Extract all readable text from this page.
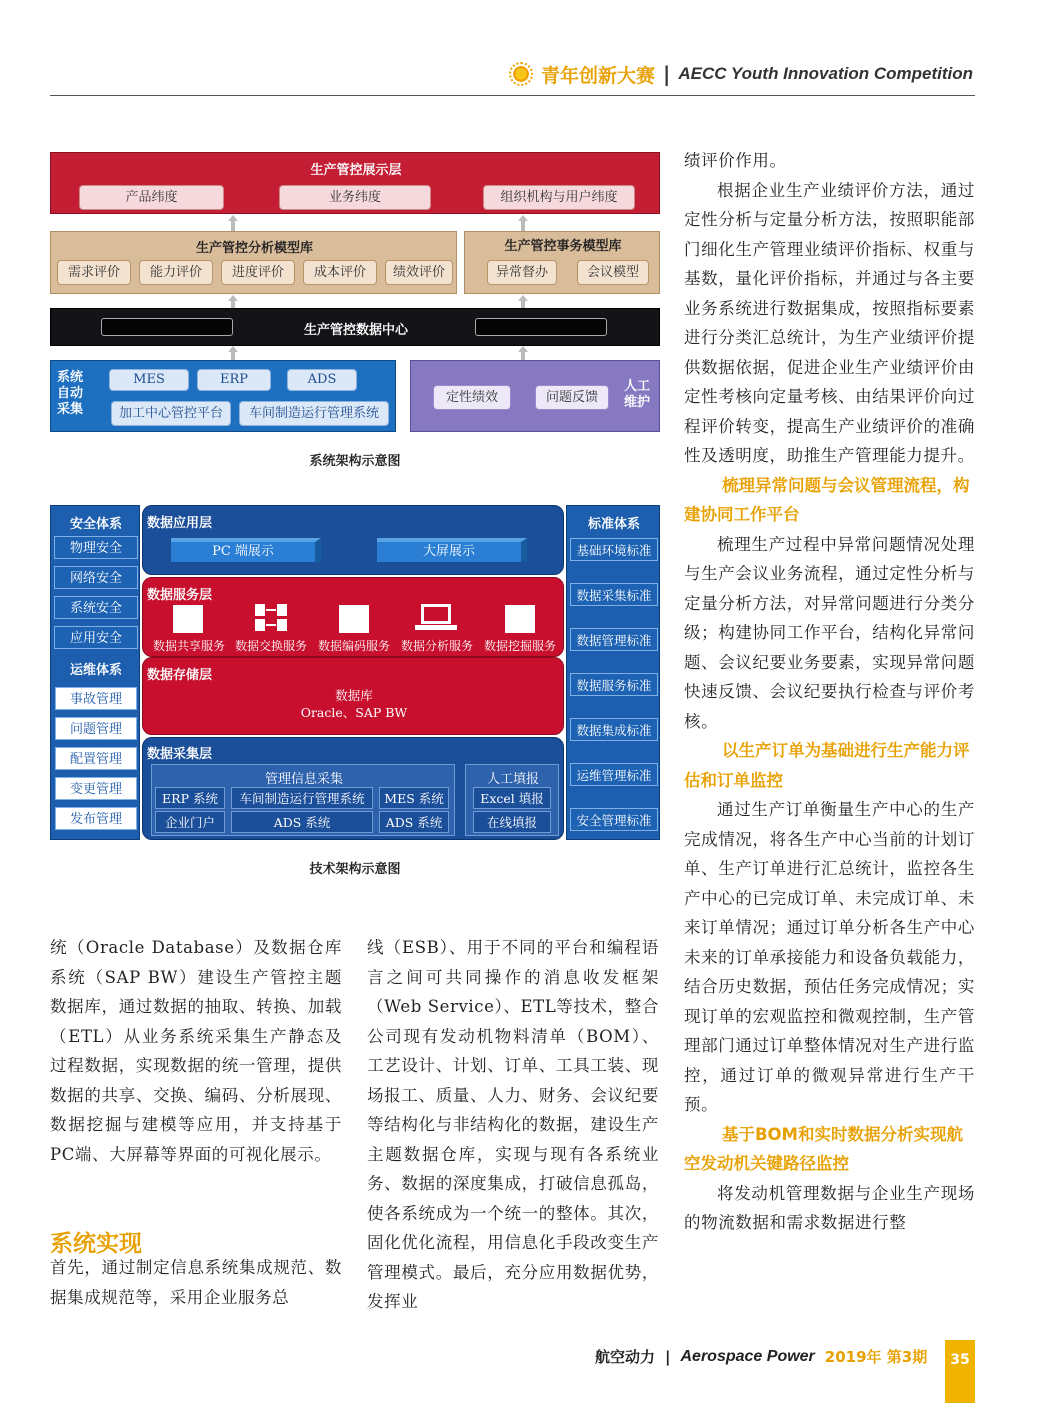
青年创新大赛 | AECC Youth Innovation Competition
生产管控展示层
产品纬度	业务纬度	组织机构与用户纬度
生产管控分析模型库
需求评价	能力评价	进度评价	成本评价	绩效评价
生产管控事务模型库
异常督办	会议模型
生产管控数据中心
系统
自动
采集
MES	ERP	ADS
加工中心管控平台	车间制造运行管理系统
定性绩效	问题反馈
人工
维护
系统架构示意图
安全体系
物理安全
网络安全
系统安全
应用安全
运维体系
事故管理
问题管理
配置管理
变更管理
发布管理
标准体系
基础环境标准
数据采集标准
数据管理标准
数据服务标准
数据集成标准
运维管理标准
安全管理标准
数据应用层
PC 端展示	大屏展示
数据服务层
数据共享服务 数据交换服务 数据编码服务 数据分析服务 数据挖掘服务
数据存储层
数据库
Oracle、SAP BW
数据采集层
管理信息采集	人工填报
ERP 系统	车间制造运行管理系统	MES 系统
企业门户	ADS 系统	ADS 系统
Excel 填报
在线填报
技术架构示意图
统（Oracle Database）及数据仓库系统（SAP BW）建设生产管控主题数据库，通过数据的抽取、转换、加载（ETL）从业务系统采集生产静态及过程数据，实现数据的统一管理，提供数据的共享、交换、编码、分析展现、数据挖掘与建模等应用，并支持基于PC端、大屏幕等界面的可视化展示。
系统实现
首先，通过制定信息系统集成规范、数据集成规范等，采用企业服务总
线（ESB）、用于不同的平台和编程语言之间可共同操作的消息收发框架（Web Service）、ETL等技术，整合公司现有发动机物料清单（BOM）、工艺设计、计划、订单、工具工装、现场报工、质量、人力、财务、会议纪要等结构化与非结构化的数据，建设生产主题数据仓库，实现与现有各系统业务、数据的深度集成，打破信息孤岛，使各系统成为一个统一的整体。其次，固化优化流程，用信息化手段改变生产管理模式。最后，充分应用数据优势，发挥业
绩评价作用。
根据企业生产业绩评价方法，通过定性分析与定量分析方法，按照职能部门细化生产管理业绩评价指标、权重与基数，量化评价指标，并通过与各主要业务系统进行数据集成，按照指标要素进行分类汇总统计，为生产业绩评价提供数据依据，促进企业生产业绩评价由定性考核向定量考核、由结果评价向过程评价转变，提高生产业绩评价的准确性及透明度，助推生产管理能力提升。
梳理异常问题与会议管理流程，构建协同工作平台
梳理生产过程中异常问题情况处理与生产会议业务流程，通过定性分析与定量分析方法，对异常问题进行分类分级；构建协同工作平台，结构化异常问题、会议纪要业务要素，实现异常问题快速反馈、会议纪要执行检查与评价考核。
以生产订单为基础进行生产能力评估和订单监控
通过生产订单衡量生产中心的生产完成情况，将各生产中心当前的计划订单、生产订单进行汇总统计，监控各生产中心的已完成订单、未完成订单、未来订单情况；通过订单分析各生产中心未来的订单承接能力和设备负载能力，结合历史数据，预估任务完成情况；实现订单的宏观监控和微观控制，生产管理部门通过订单整体情况对生产进行监控，通过订单的微观异常进行生产干预。
基于BOM和实时数据分析实现航空发动机关键路径监控
将发动机管理数据与企业生产现场的物流数据和需求数据进行整
航空动力 | Aerospace Power 2019年 第3期	35
